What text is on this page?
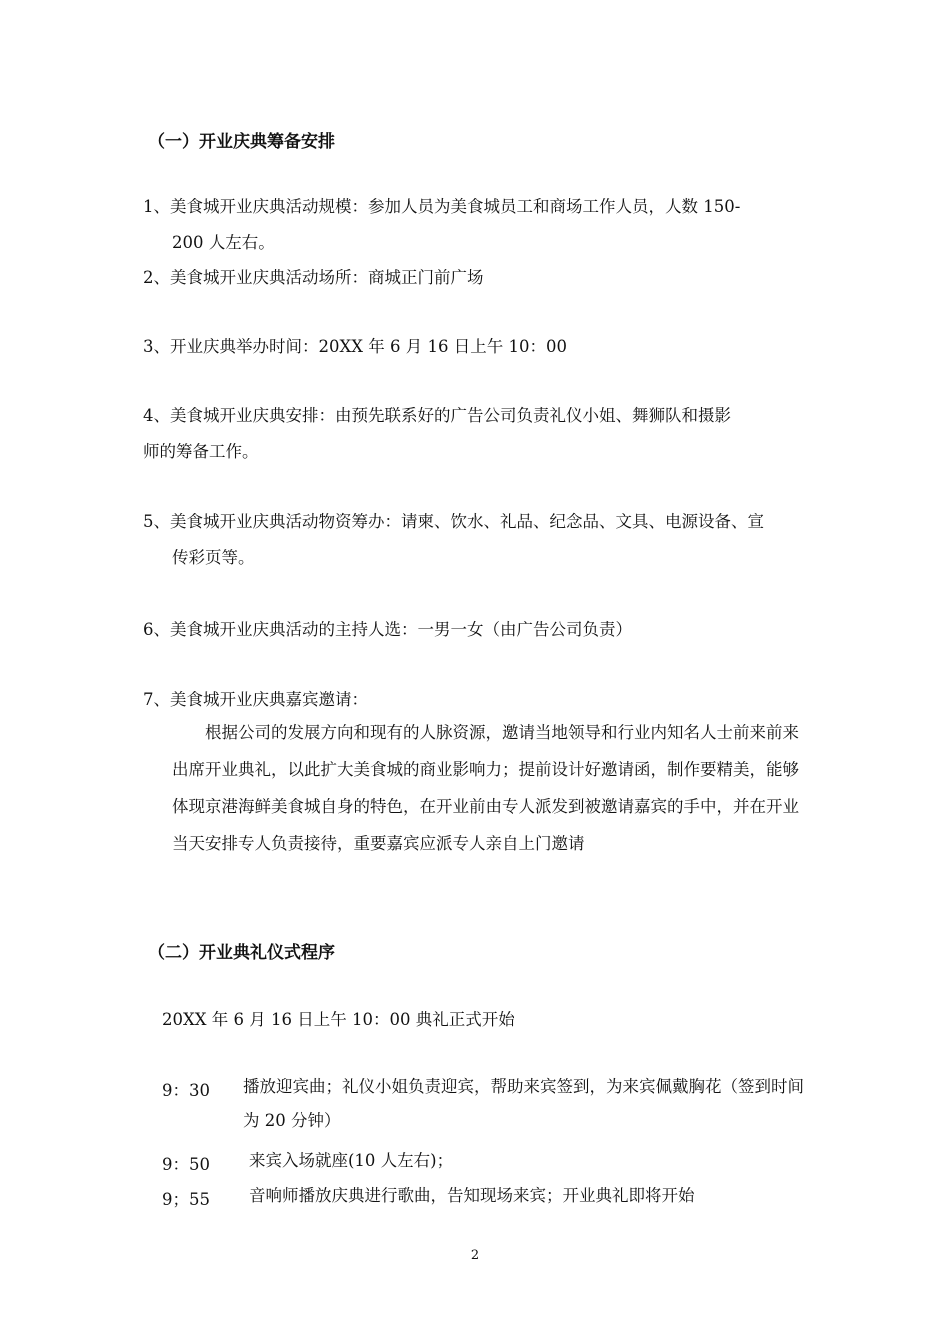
（一）开业庆典筹备安排

1、美食城开业庆典活动规模：参加人员为美食城员工和商场工作人员，人数 150-
200 人左右。

2、美食城开业庆典活动场所：商城正门前广场

3、开业庆典举办时间：20XX 年 6 月 16 日上午 10：00

4、美食城开业庆典安排：由预先联系好的广告公司负责礼仪小姐、舞狮队和摄影
师的筹备工作。

5、美食城开业庆典活动物资筹办：请柬、饮水、礼品、纪念品、文具、电源设备、宣
传彩页等。

6、美食城开业庆典活动的主持人选：一男一女（由广告公司负责）

7、美食城开业庆典嘉宾邀请：

根据公司的发展方向和现有的人脉资源，邀请当地领导和行业内知名人士前来前来出席开业典礼，以此扩大美食城的商业影响力；提前设计好邀请函，制作要精美，能够体现京港海鲜美食城自身的特色，在开业前由专人派发到被邀请嘉宾的手中，并在开业当天安排专人负责接待，重要嘉宾应派专人亲自上门邀请

（二）开业典礼仪式程序
20XX 年 6 月 16 日上午 10：00 典礼正式开始
9：30 播放迎宾曲；礼仪小姐负责迎宾，帮助来宾签到，为来宾佩戴胸花（签到时间为 20 分钟）
9：50 来宾入场就座(10 人左右)；
9；55 音响师播放庆典进行歌曲，告知现场来宾；开业典礼即将开始
2
